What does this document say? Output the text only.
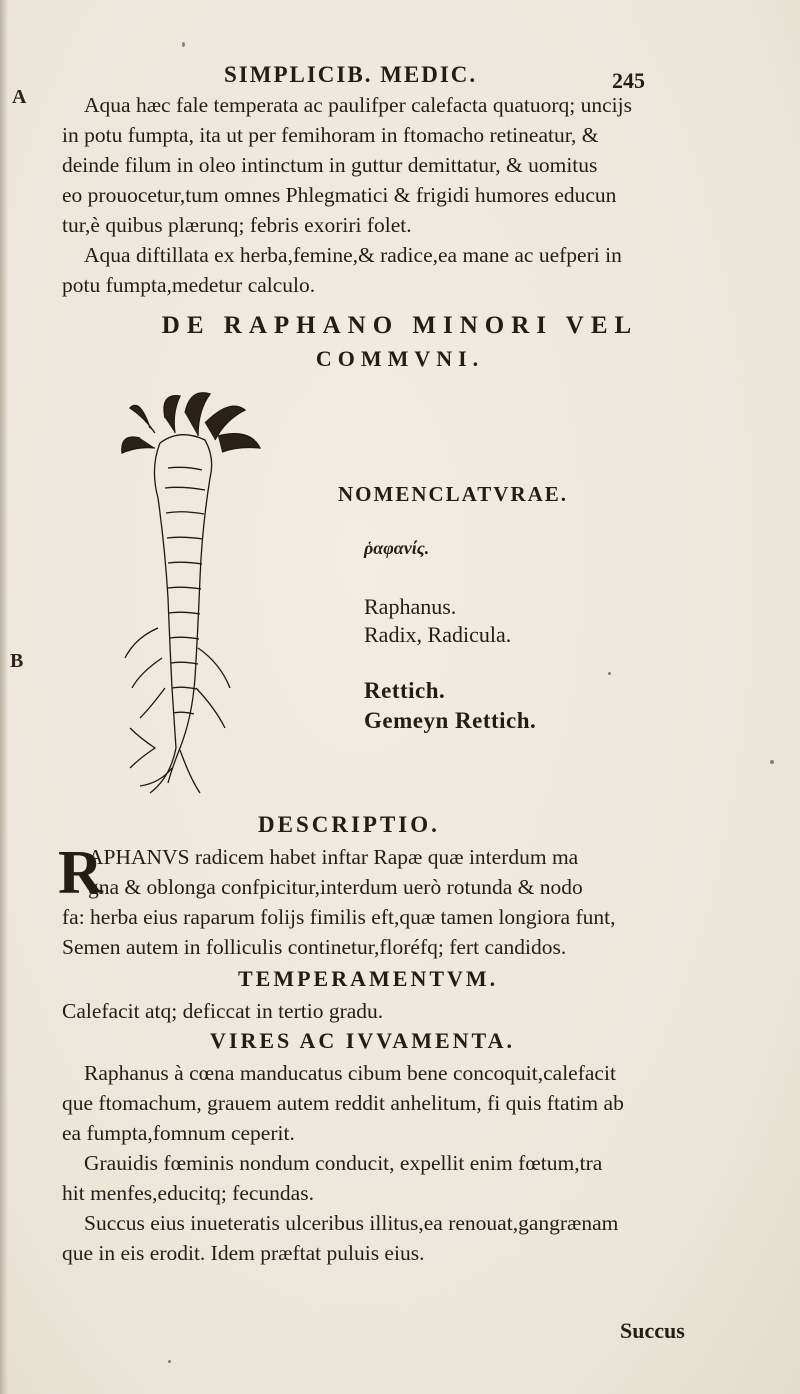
A
B
SIMPLICIB. MEDIC.	245
Aqua hæc fale temperata ac paulifper calefacta quatuorq; uncijs
in potu fumpta, ita ut per femihoram in ftomacho retineatur, &
deinde filum in oleo intinctum in guttur demittatur, & uomitus
eo prouocetur,tum omnes Phlegmatici & frigidi humores educun
tur,è quibus plærunq; febris exoriri folet.
Aqua diftillata ex herba,femine,& radice,ea mane ac uefperi in
potu fumpta,medetur calculo.
DE RAPHANO MINORI VEL
COMMVNI.
NOMENCLATVRAE.
ῥαφανίς.
Raphanus.
Radix, Radicula.
Rettich.
Gemeyn Rettich.
DESCRIPTIO.
R
APHANVS radicem habet inftar Rapæ quæ interdum ma
gna & oblonga confpicitur,interdum uerò rotunda & nodo
fa: herba eius raparum folijs fimilis eft,quæ tamen longiora funt,
Semen autem in folliculis continetur,floréfq; fert candidos.
TEMPERAMENTVM.
Calefacit atq; deficcat in tertio gradu.
VIRES AC IVVAMENTA.
Raphanus à cœna manducatus cibum bene concoquit,calefacit
que ftomachum, grauem autem reddit anhelitum, fi quis ftatim ab
ea fumpta,fomnum ceperit.
Grauidis fœminis nondum conducit, expellit enim fœtum,tra
hit menfes,educitq; fecundas.
Succus eius inueteratis ulceribus illitus,ea renouat,gangrænam
que in eis erodit. Idem præftat puluis eius.
Succus
